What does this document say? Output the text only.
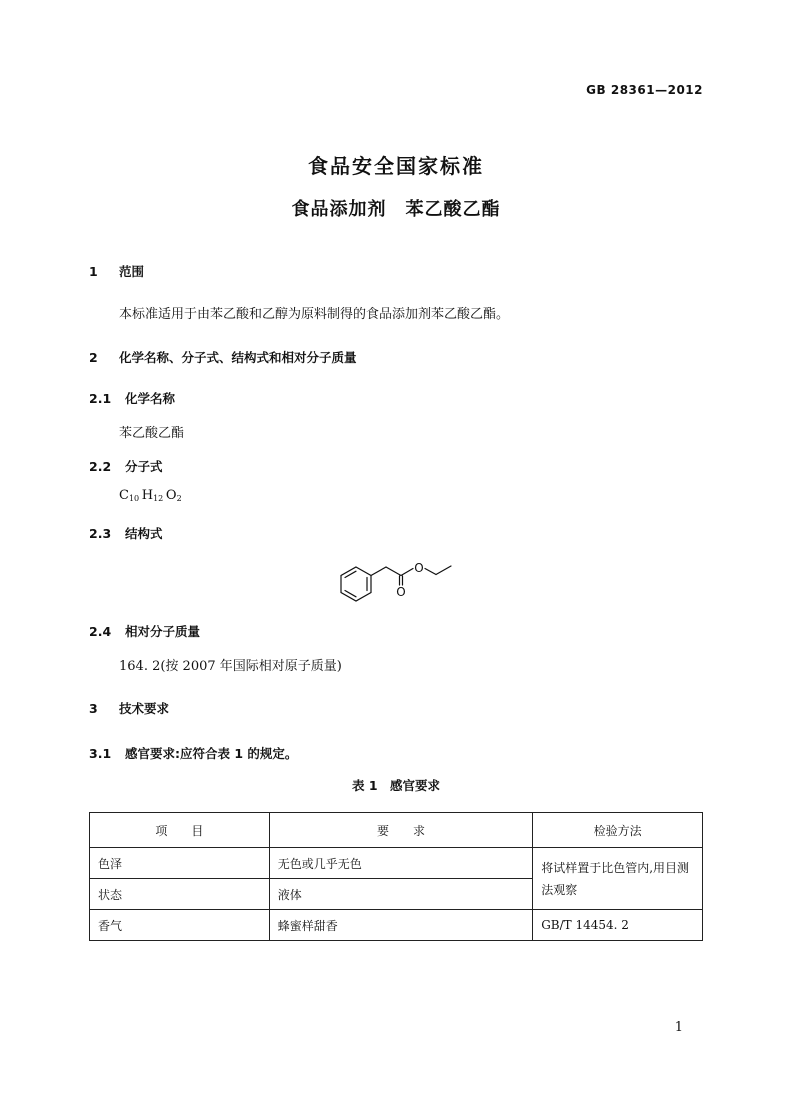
GB 28361—2012
食品安全国家标准
食品添加剂　苯乙酸乙酯
1 范围
本标准适用于由苯乙酸和乙醇为原料制得的食品添加剂苯乙酸乙酯。
2 化学名称、分子式、结构式和相对分子质量
2.1 化学名称
苯乙酸乙酯
2.2 分子式
$C_{10}$  $H_{12}$  $O_2$
2.3 结构式
O
O
2.4 相对分子质量
164. 2(按 2007 年国际相对原子质量)
3 技术要求
3.1 感官要求:应符合表 1 的规定。
表 1　感官要求
项　　目	要　　求	检验方法
色泽	无色或几乎无色	将试样置于比色管内,用目测法观察
状态	液体	
香气	蜂蜜样甜香	GB/T 14454. 2
1
